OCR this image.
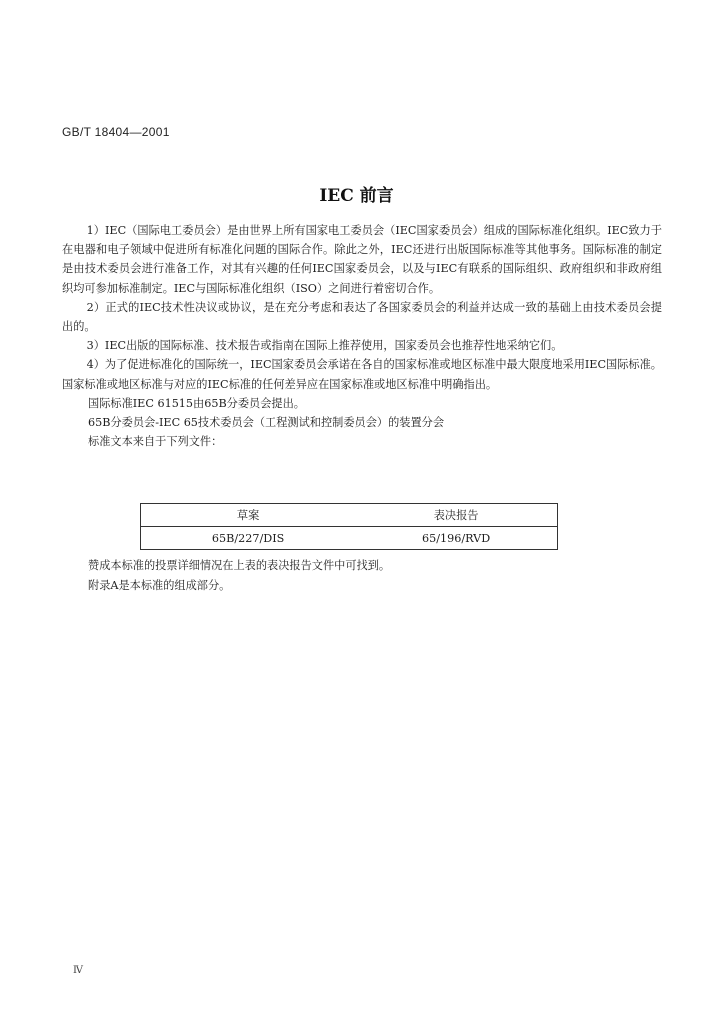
GB/T 18404—2001
IEC 前言

1）IEC（国际电工委员会）是由世界上所有国家电工委员会（IEC国家委员会）组成的国际标准化组织。IEC致力于在电器和电子领域中促进所有标准化问题的国际合作。除此之外，IEC还进行出版国际标准等其他事务。国际标准的制定是由技术委员会进行准备工作，对其有兴趣的任何IEC国家委员会，以及与IEC有联系的国际组织、政府组织和非政府组织均可参加标准制定。IEC与国际标准化组织（ISO）之间进行着密切合作。

2）正式的IEC技术性决议或协议，是在充分考虑和表达了各国家委员会的利益并达成一致的基础上由技术委员会提出的。

3）IEC出版的国际标准、技术报告或指南在国际上推荐使用，国家委员会也推荐性地采纳它们。

4）为了促进标准化的国际统一，IEC国家委员会承诺在各自的国家标准或地区标准中最大限度地采用IEC国际标准。国家标准或地区标准与对应的IEC标准的任何差异应在国家标准或地区标准中明确指出。

国际标准IEC 61515由65B分委员会提出。

65B分委员会-IEC 65技术委员会（工程测试和控制委员会）的装置分会

标准文本来自于下列文件：

草案	表决报告
65B/227/DIS	65/196/RVD

赞成本标准的投票详细情况在上表的表决报告文件中可找到。

附录A是本标准的组成部分。

Ⅳ
